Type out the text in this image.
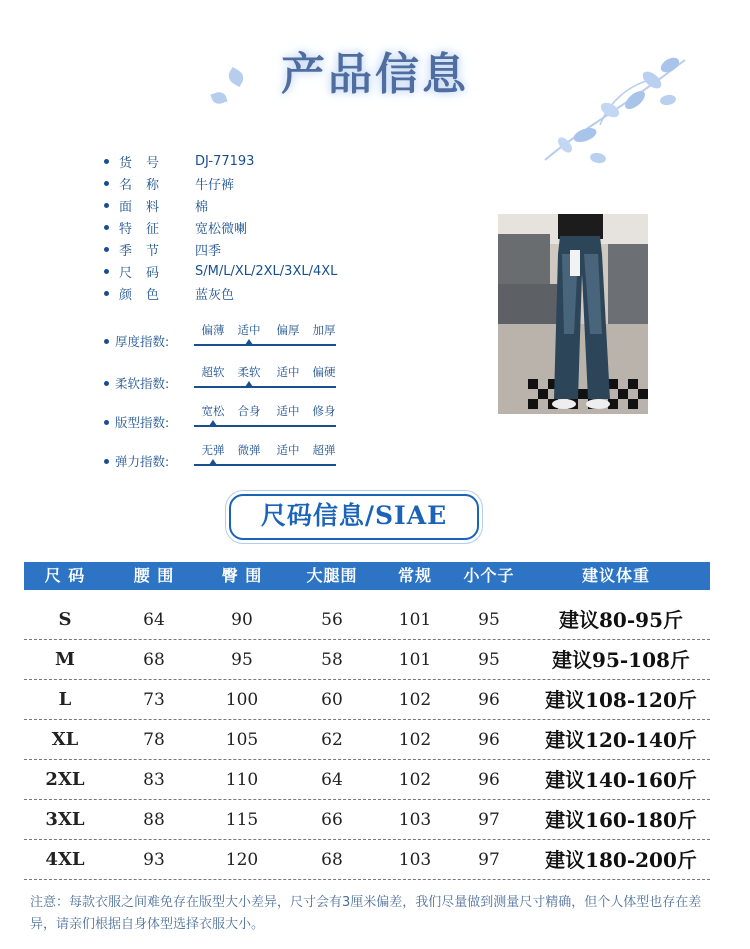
产品信息
货号	DJ-77193
名称	牛仔裤
面料	棉
特征	宽松微喇
季节	四季
尺码	S/M/L/XL/2XL/3XL/4XL
颜色	蓝灰色
厚度指数:
偏薄	适中	偏厚	加厚
柔软指数:
超软	柔软	适中	偏硬
版型指数:
宽松	合身	适中	修身
弹力指数:
无弹	微弹	适中	超弹
尺码信息/SIAE
尺 码	腰 围	臀 围	大腿围	常规	小个子	建议体重
S	64	90	56	101	95	建议80-95斤
M	68	95	58	101	95	建议95-108斤
L	73	100	60	102	96	建议108-120斤
XL	78	105	62	102	96	建议120-140斤
2XL	83	110	64	102	96	建议140-160斤
3XL	88	115	66	103	97	建议160-180斤
4XL	93	120	68	103	97	建议180-200斤
注意：每款衣服之间难免存在版型大小差异，尺寸会有3厘米偏差，我们尽量做到测量尺寸精确，但个人体型也存在差异，请亲们根据自身体型选择衣服大小。
